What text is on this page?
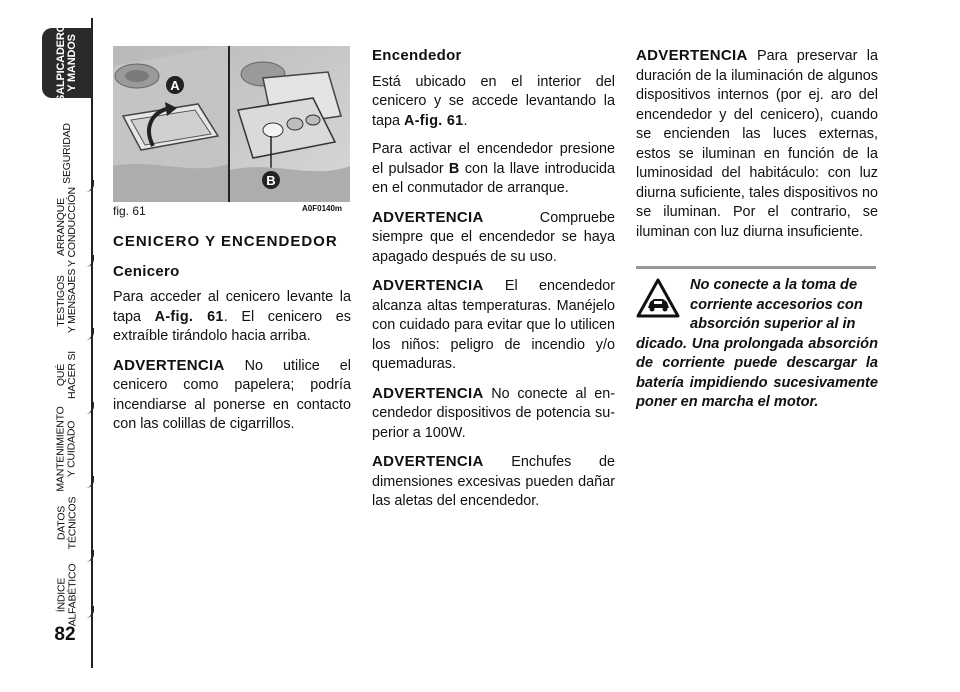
SALPICADERO
Y MANDOS
SEGURIDAD
ARRANQUE
Y CONDUCCIÓN
TESTIGOS
Y MENSAJES
QUÉ
HACER SI
MANTENIMIENTO
Y CUIDADO
DATOS
TÉCNICOS
ÍNDICE
ALFABÉTICO
82
A
B
fig. 61	A0F0140m
CENICERO Y ENCENDEDOR
Cenicero

Para acceder al cenicero levante la tapa A-fig. 61. El cenicero es extraíble tirándolo hacia arriba.

ADVERTENCIA No utilice el cenicero como papelera; podría incendiarse al ponerse en contacto con las colillas de cigarrillos.

Encendedor

Está ubicado en el interior del cenicero y se accede levantando la tapa A-fig. 61.

Para activar el encendedor presione el pulsador B con la llave introducida en el conmutador de arranque.

ADVERTENCIA Compruebe siempre que el encendedor se haya apagado después de su uso.

ADVERTENCIA El encendedor alcanza altas temperaturas. Manéjelo con cuidado para evitar que lo utilicen los niños: peligro de incendio y/o quemaduras.

ADVERTENCIA No conecte al encendedor dispositivos de potencia superior a 100W.

ADVERTENCIA Enchufes de dimensiones excesivas pueden dañar las aletas del encendedor.

ADVERTENCIA Para preservar la duración de la iluminación de algunos dispositivos internos (por ej. aro del encendedor y del cenicero), cuando se encienden las luces externas, estos se iluminan en función de la luminosidad del habitáculo: con luz diurna suficiente, tales dispositivos no se iluminan. Por el contrario, se iluminan con luz diurna insuficiente.

No conecte a la toma de
corriente accesorios con
absorción superior al in
dicado. Una prolongada absorción de corriente puede descargar la batería impidiendo sucesivamente poner en marcha el motor.
